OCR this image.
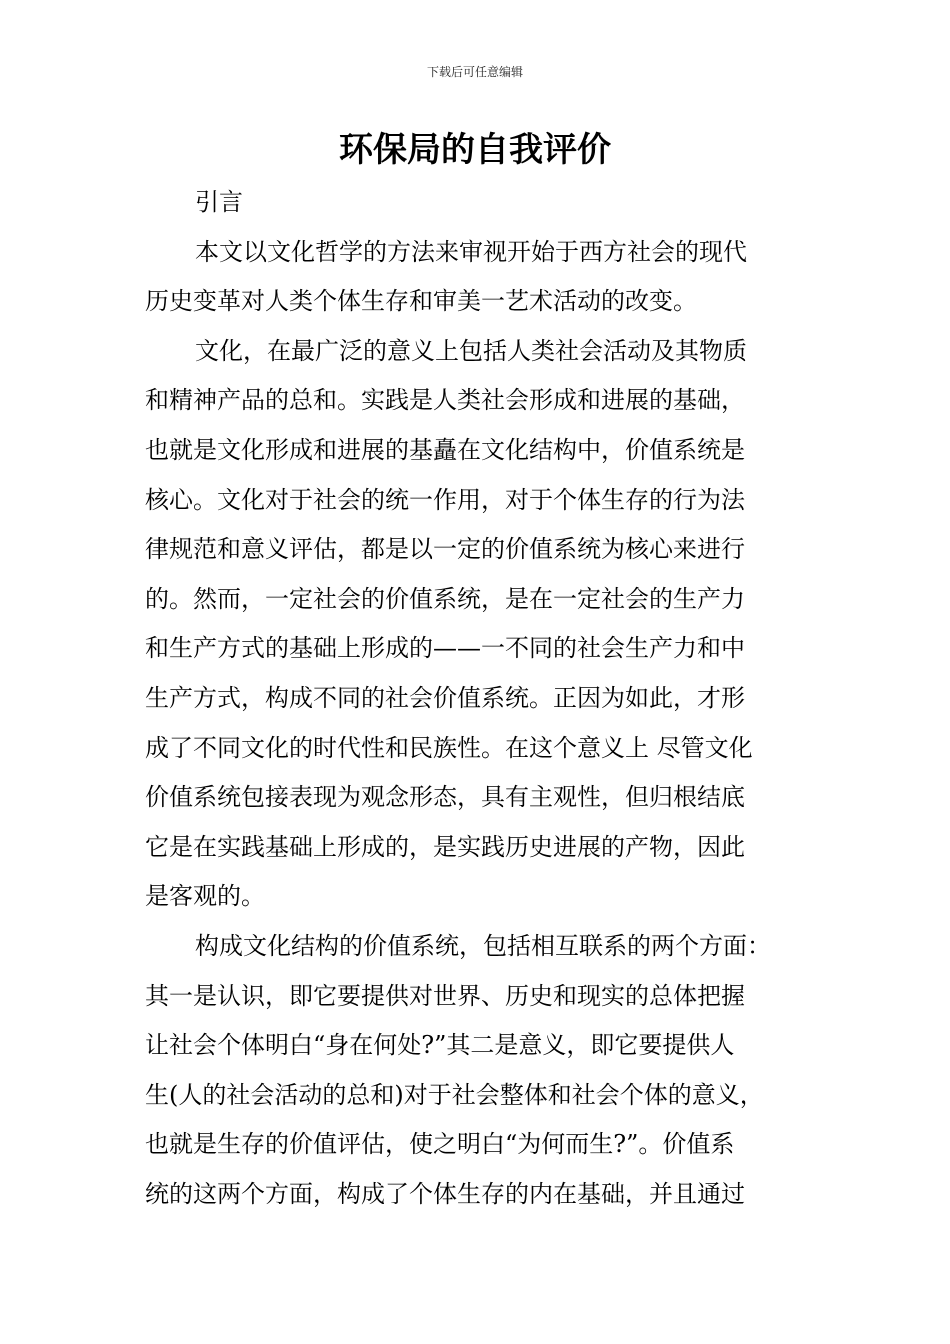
下载后可任意编辑
环保局的自我评价
引言
本文以文化哲学的方法来审视开始于西方社会的现代
历史变革对人类个体生存和审美一艺术活动的改变。
文化，在最广泛的意义上包括人类社会活动及其物质
和精神产品的总和。实践是人类社会形成和进展的基础，
也就是文化形成和进展的基矗在文化结构中，价值系统是
核心。文化对于社会的统一作用，对于个体生存的行为法
律规范和意义评估，都是以一定的价值系统为核心来进行
的。然而，一定社会的价值系统，是在一定社会的生产力
和生产方式的基础上形成的——一不同的社会生产力和中
生产方式，构成不同的社会价值系统。正因为如此，才形
成了不同文化的时代性和民族性。在这个意义上 尽管文化
价值系统包接表现为观念形态，具有主观性，但归根结底
它是在实践基础上形成的，是实践历史进展的产物，因此
是客观的。
构成文化结构的价值系统，包括相互联系的两个方面：
其一是认识，即它要提供对世界、历史和现实的总体把握
让社会个体明白“身在何处?”其二是意义，即它要提供人
生(人的社会活动的总和)对于社会整体和社会个体的意义，
也就是生存的价值评估，使之明白“为何而生?”。价值系
统的这两个方面，构成了个体生存的内在基础，并且通过
